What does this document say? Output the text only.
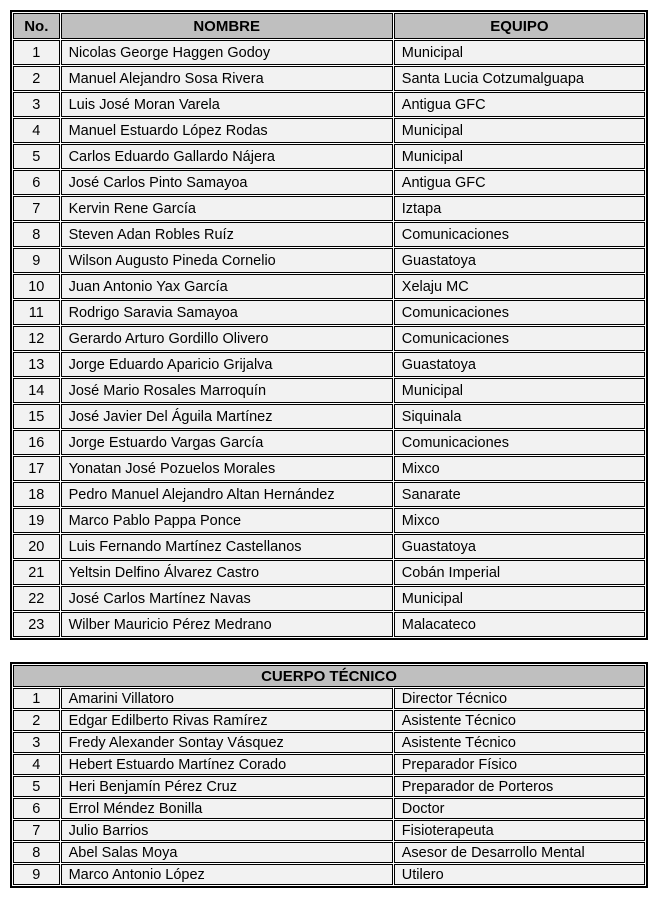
No.	NOMBRE	EQUIPO
1	Nicolas George Haggen Godoy	Municipal
2	Manuel Alejandro Sosa Rivera	Santa Lucia Cotzumalguapa
3	Luis José Moran Varela	Antigua GFC
4	Manuel Estuardo López Rodas	Municipal
5	Carlos Eduardo Gallardo Nájera	Municipal
6	José Carlos Pinto Samayoa	Antigua GFC
7	Kervin Rene García	Iztapa
8	Steven Adan Robles Ruíz	Comunicaciones
9	Wilson Augusto Pineda Cornelio	Guastatoya
10	Juan Antonio Yax García	Xelaju MC
11	Rodrigo Saravia Samayoa	Comunicaciones
12	Gerardo Arturo Gordillo Olivero	Comunicaciones
13	Jorge Eduardo Aparicio Grijalva	Guastatoya
14	José Mario Rosales Marroquín	Municipal
15	José Javier Del Águila Martínez	Siquinala
16	Jorge Estuardo Vargas García	Comunicaciones
17	Yonatan José Pozuelos Morales	Mixco
18	Pedro Manuel Alejandro Altan Hernández	Sanarate
19	Marco Pablo Pappa Ponce	Mixco
20	Luis Fernando Martínez Castellanos	Guastatoya
21	Yeltsin Delfino Álvarez Castro	Cobán Imperial
22	José Carlos Martínez Navas	Municipal
23	Wilber Mauricio Pérez Medrano	Malacateco
CUERPO TÉCNICO		
1	Amarini Villatoro	Director Técnico
2	Edgar Edilberto Rivas Ramírez	Asistente Técnico
3	Fredy Alexander Sontay Vásquez	Asistente Técnico
4	Hebert Estuardo Martínez Corado	Preparador Físico
5	Heri Benjamín Pérez Cruz	Preparador de Porteros
6	Errol Méndez Bonilla	Doctor
7	Julio Barrios	Fisioterapeuta
8	Abel Salas Moya	Asesor de Desarrollo Mental
9	Marco Antonio López	Utilero
